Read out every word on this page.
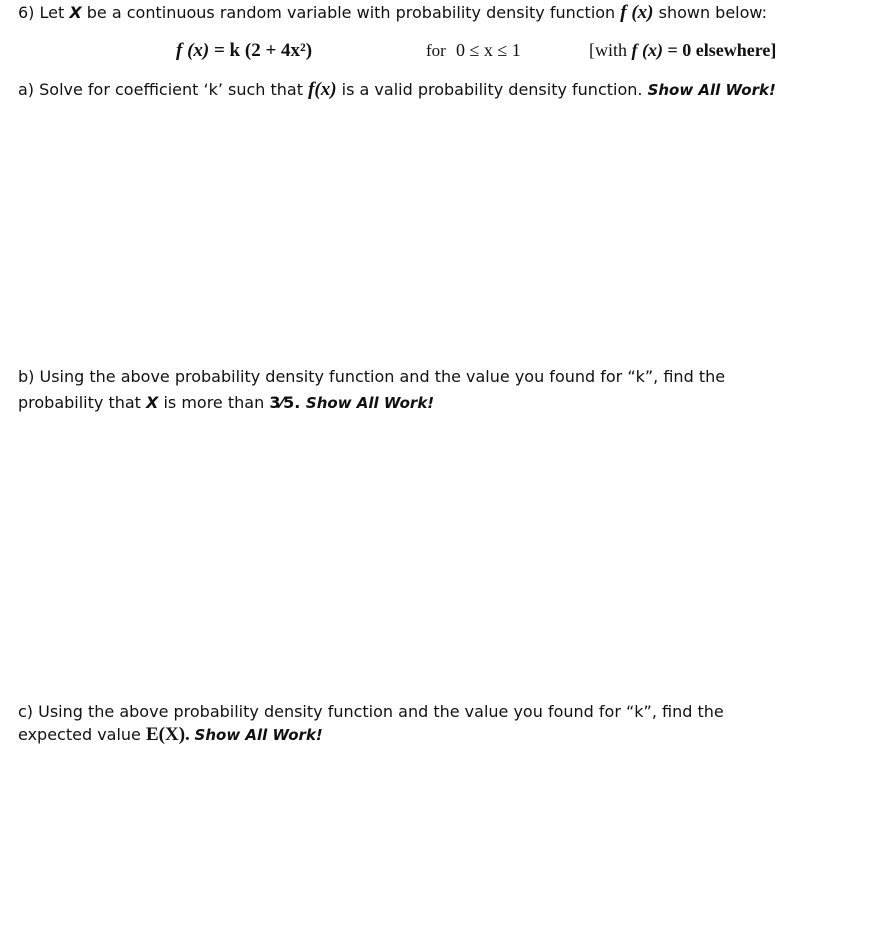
6) Let X be a continuous random variable with probability density function f (x) shown below:
f (x) = k (2 + 4x²)	for 0 ≤ x ≤ 1	[with f (x) = 0 elsewhere]
a) Solve for coefficient ‘k’ such that f(x) is a valid probability density function. Show All Work!
b) Using the above probability density function and the value you found for “k”, find the
probability that X is more than 3⁄5. Show All Work!
c) Using the above probability density function and the value you found for “k”, find the
expected value E(X). Show All Work!
